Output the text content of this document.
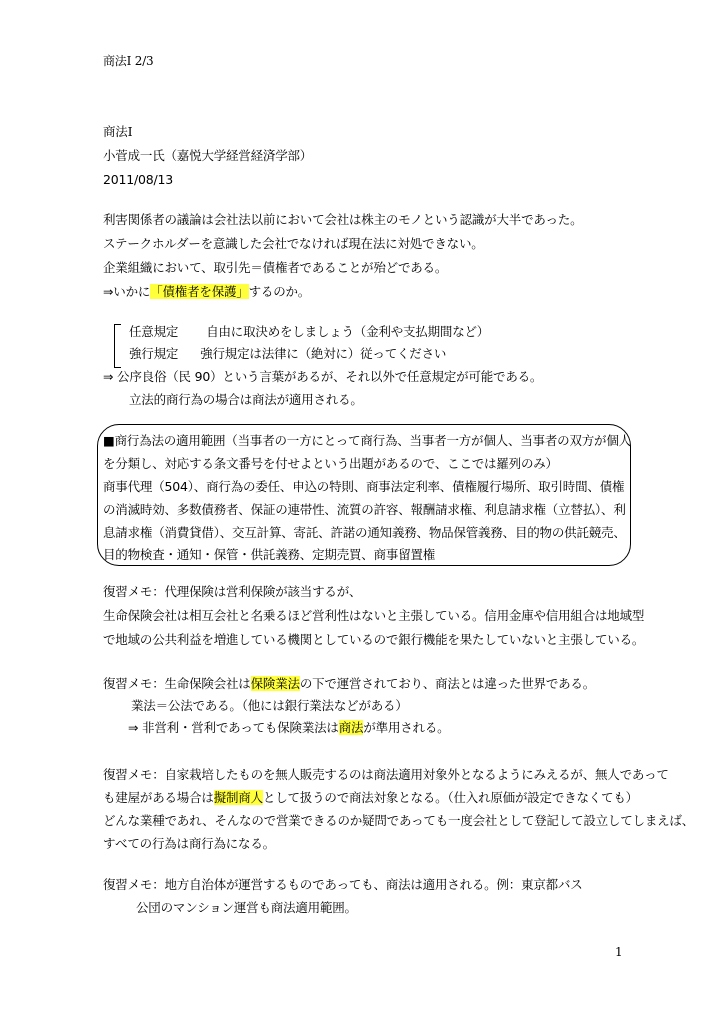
商法Ⅰ 2/3
商法Ⅰ
小菅成一氏（嘉悦大学経営経済学部）
2011/08/13
利害関係者の議論は会社法以前において会社は株主のモノという認識が大半であった。
ステークホルダーを意識した会社でなければ現在法に対処できない。
企業組織において、取引先＝債権者であることが殆どである。
⇒いかに「債権者を保護」するのか。
任意規定 自由に取決めをしましょう（金利や支払期間など）
強行規定 強行規定は法律に（絶対に）従ってください
⇒ 公序良俗（民 90）という言葉があるが、それ以外で任意規定が可能である。
立法的商行為の場合は商法が適用される。
■商行為法の適用範囲（当事者の一方にとって商行為、当事者一方が個人、当事者の双方が個人
を分類し、対応する条文番号を付せよという出題があるので、ここでは羅列のみ）
商事代理（504）、商行為の委任、申込の特則、商事法定利率、債権履行場所、取引時間、債権
の消滅時効、多数債務者、保証の連帯性、流質の許容、報酬請求権、利息請求権（立替払）、利
息請求権（消費貸借）、交互計算、寄託、許諾の通知義務、物品保管義務、目的物の供託競売、
目的物検査・通知・保管・供託義務、定期売買、商事留置権
復習メモ：代理保険は営利保険が該当するが、
生命保険会社は相互会社と名乗るほど営利性はないと主張している。信用金庫や信用組合は地域型
で地域の公共利益を増進している機関としているので銀行機能を果たしていないと主張している。
復習メモ：生命保険会社は保険業法の下で運営されており、商法とは違った世界である。
業法＝公法である。（他には銀行業法などがある）
⇒ 非営利・営利であっても保険業法は商法が準用される。
復習メモ：自家栽培したものを無人販売するのは商法適用対象外となるようにみえるが、無人であって
も建屋がある場合は擬制商人として扱うので商法対象となる。（仕入れ原価が設定できなくても）
どんな業種であれ、そんなので営業できるのか疑問であっても一度会社として登記して設立してしまえば、
すべての行為は商行為になる。
復習メモ：地方自治体が運営するものであっても、商法は適用される。例：東京都バス
公団のマンション運営も商法適用範囲。
1
